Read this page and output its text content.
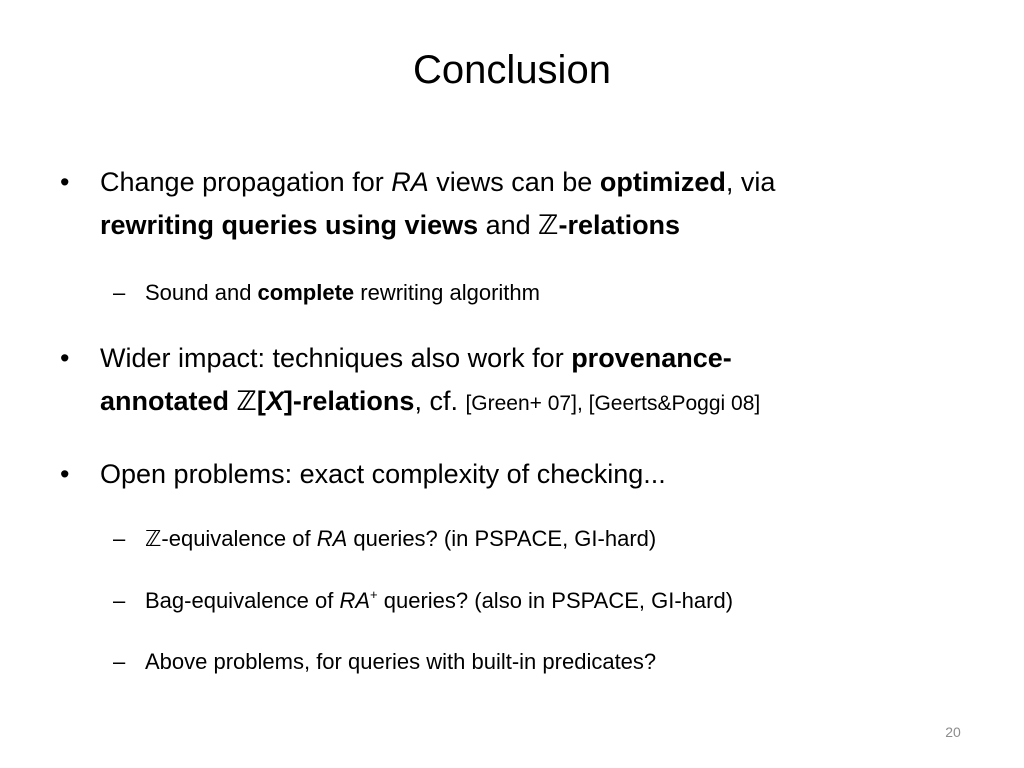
Conclusion
• Change propagation for RA views can be optimized, via
rewriting queries using views and ℤ-relations
– Sound and complete rewriting algorithm
• Wider impact: techniques also work for provenance-
annotated ℤ[X]-relations, cf. [Green+ 07], [Geerts&Poggi 08]
• Open problems: exact complexity of checking...
– ℤ-equivalence of RA queries? (in PSPACE, GI-hard)
– Bag-equivalence of RA+ queries? (also in PSPACE, GI-hard)
– Above problems, for queries with built-in predicates?
20
